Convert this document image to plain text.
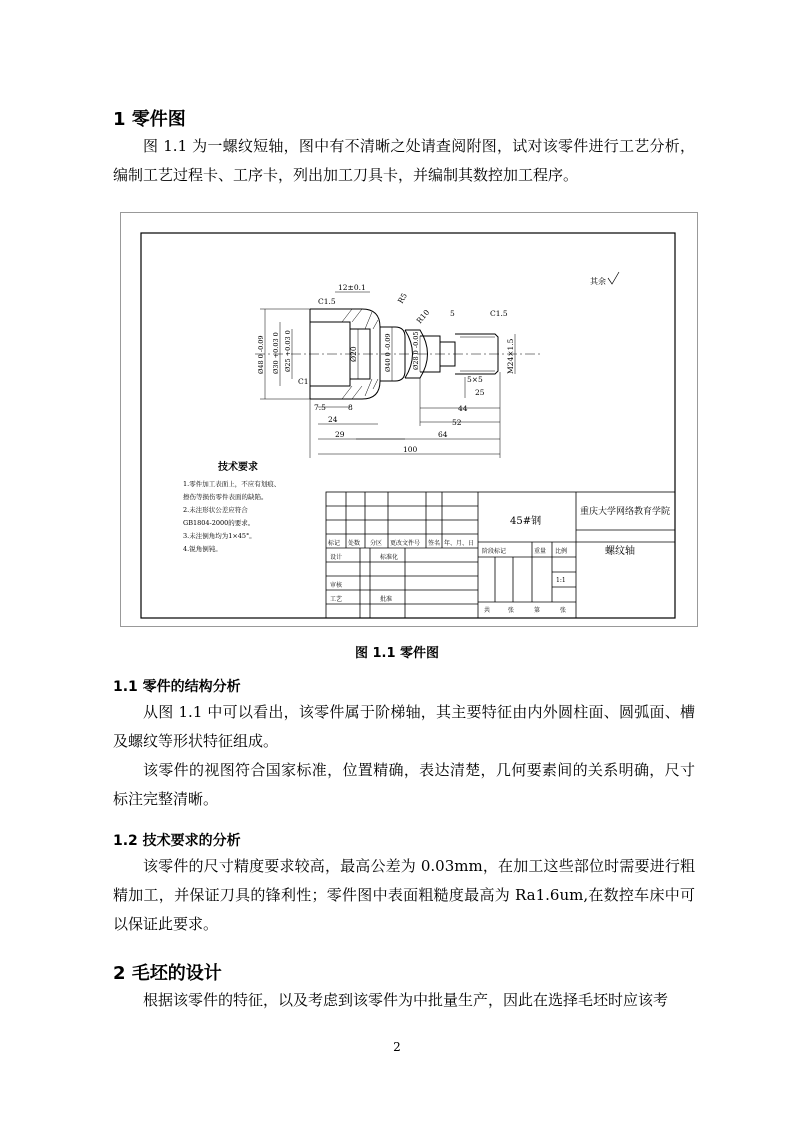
1 零件图

图 1.1 为一螺纹短轴，图中有不清晰之处请查阅附图，试对该零件进行工艺分析，编制工艺过程卡、工序卡，列出加工刀具卡，并编制其数控加工程序。

其余
12±0.1
C1.5	R5
R10 5	C1.5
Ø48 0 -0.09 Ø30 +0.03 0 Ø25 +0.03 0	Ø20	Ø40 0 -0.09	Ø28 0 -0.05	M24×1.5
C1	5×5
25
7.5	8	44
24	52
29	64
100
技术要求
1.零件加工表面上，不应有划痕、
擦伤等损伤零件表面的缺陷。
2.未注形状公差应符合
GB1804-2000的要求。
3.未注倒角均为1×45°。
4.锐角倒钝。
标记 处数 分区 更改文件号 签名 年、月、日
设计	标准化
审核
工艺	批准
阶段标记	重量 比例
1:1
共	张	第	张
45#钢
重庆大学网络教育学院
螺纹轴
图 1.1 零件图
1.1 零件的结构分析

从图 1.1 中可以看出，该零件属于阶梯轴，其主要特征由内外圆柱面、圆弧面、槽及螺纹等形状特征组成。

该零件的视图符合国家标准，位置精确，表达清楚，几何要素间的关系明确，尺寸标注完整清晰。

1.2 技术要求的分析

该零件的尺寸精度要求较高，最高公差为 0.03mm，在加工这些部位时需要进行粗精加工，并保证刀具的锋利性；零件图中表面粗糙度最高为 Ra1.6um,在数控车床中可以保证此要求。

2 毛坯的设计

根据该零件的特征，以及考虑到该零件为中批量生产，因此在选择毛坯时应该考

2
